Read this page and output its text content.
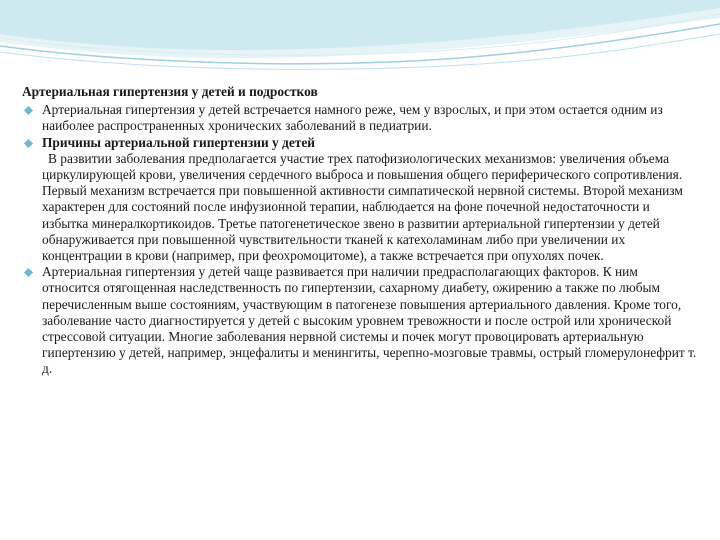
Артериальная гипертензия у детей и подростков
Артериальная гипертензия у детей встречается намного реже, чем у взрослых, и при этом остается одним из наиболее распространенных хронических заболеваний в педиатрии.
Причины артериальной гипертензии у детей
В развитии заболевания предполагается участие трех патофизиологических механизмов: увеличения объема циркулирующей крови, увеличения сердечного выброса и повышения общего периферического сопротивления. Первый механизм встречается при повышенной активности симпатической нервной системы. Второй механизм характерен для состояний после инфузионной терапии, наблюдается на фоне почечной недостаточности и избытка минералкортикоидов. Третье патогенетическое звено в развитии артериальной гипертензии у детей обнаруживается при повышенной чувствительности тканей к катехоламинам либо при увеличении их концентрации в крови (например, при феохромоцитоме), а также встречается при опухолях почек.
Артериальная гипертензия у детей чаще развивается при наличии предрасполагающих факторов. К ним относится отягощенная наследственность по гипертензии, сахарному диабету, ожирению а также по любым перечисленным выше состояниям, участвующим в патогенезе повышения артериального давления. Кроме того, заболевание часто диагностируется у детей с высоким уровнем тревожности и после острой или хронической стрессовой ситуации. Многие заболевания нервной системы и почек могут провоцировать артериальную гипертензию у детей, например, энцефалиты и менингиты, черепно-мозговые травмы, острый гломерулонефрит т. д.
